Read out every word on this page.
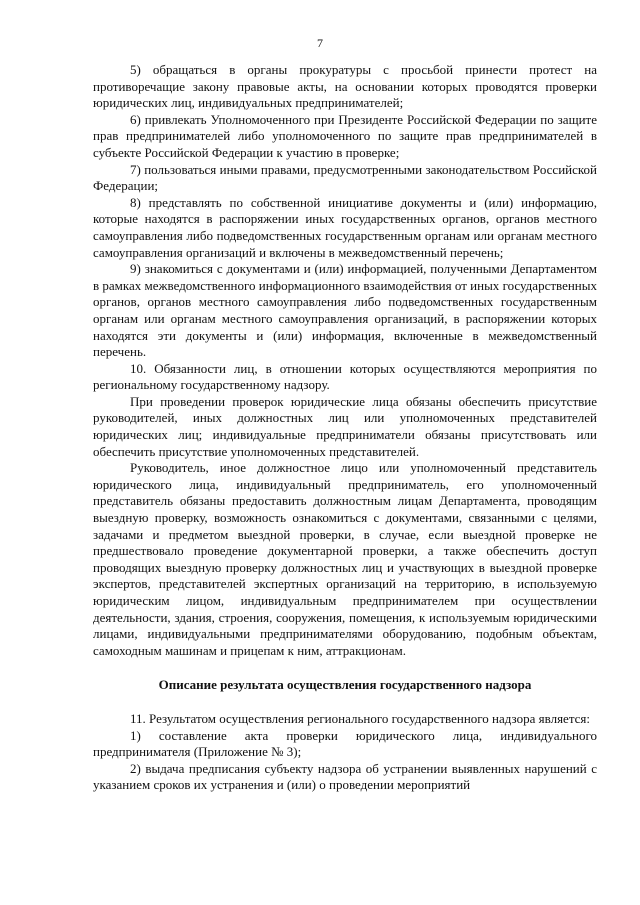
7

5) обращаться в органы прокуратуры с просьбой принести протест на противоречащие закону правовые акты, на основании которых проводятся проверки юридических лиц, индивидуальных предпринимателей;

6) привлекать Уполномоченного при Президенте Российской Федерации по защите прав предпринимателей либо уполномоченного по защите прав предпринимателей в субъекте Российской Федерации к участию в проверке;

7) пользоваться иными правами, предусмотренными законодательством Российской Федерации;

8) представлять по собственной инициативе документы и (или) информацию, которые находятся в распоряжении иных государственных органов, органов местного самоуправления либо подведомственных государственным органам или органам местного самоуправления организаций и включены в межведомственный перечень;

9) знакомиться с документами и (или) информацией, полученными Департаментом в рамках межведомственного информационного взаимодействия от иных государственных органов, органов местного самоуправления либо подведомственных государственным органам или органам местного самоуправления организаций, в распоряжении которых находятся эти документы и (или) информация, включенные в межведомственный перечень.

10. Обязанности лиц, в отношении которых осуществляются мероприятия по региональному государственному надзору.

При проведении проверок юридические лица обязаны обеспечить присутствие руководителей, иных должностных лиц или уполномоченных представителей юридических лиц; индивидуальные предприниматели обязаны присутствовать или обеспечить присутствие уполномоченных представителей.

Руководитель, иное должностное лицо или уполномоченный представитель юридического лица, индивидуальный предприниматель, его уполномоченный представитель обязаны предоставить должностным лицам Департамента, проводящим выездную проверку, возможность ознакомиться с документами, связанными с целями, задачами и предметом выездной проверки, в случае, если выездной проверке не предшествовало проведение документарной проверки, а также обеспечить доступ проводящих выездную проверку должностных лиц и участвующих в выездной проверке экспертов, представителей экспертных организаций на территорию, в используемую юридическим лицом, индивидуальным предпринимателем при осуществлении деятельности, здания, строения, сооружения, помещения, к используемым юридическими лицами, индивидуальными предпринимателями оборудованию, подобным объектам, самоходным машинам и прицепам к ним, аттракционам.

Описание результата осуществления государственного надзора

11. Результатом осуществления регионального государственного надзора является:

1) составление акта проверки юридического лица, индивидуального предпринимателя (Приложение № 3);

2) выдача предписания субъекту надзора об устранении выявленных нарушений с указанием сроков их устранения и (или) о проведении мероприятий
